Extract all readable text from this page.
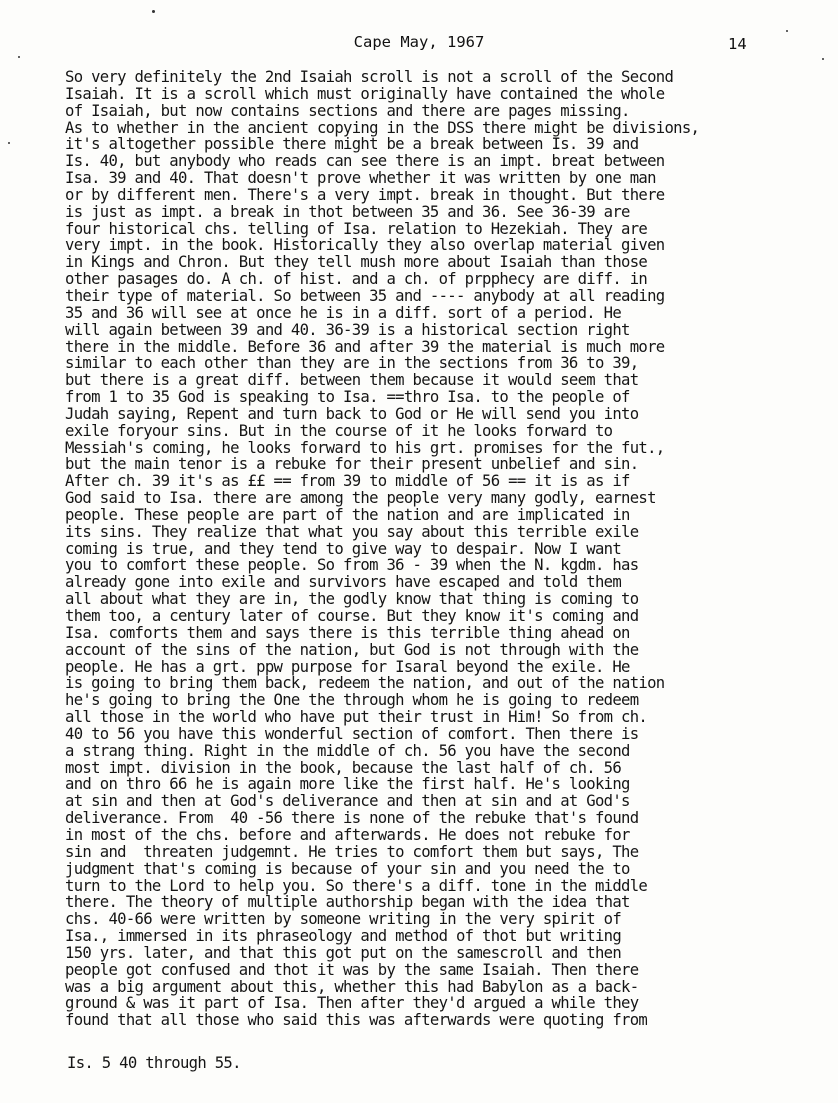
Cape May, 1967	14
So very definitely the 2nd Isaiah scroll is not a scroll of the Second
Isaiah. It is a scroll which must originally have contained the whole
of Isaiah, but now contains sections and there are pages missing.
As to whether in the ancient copying in the DSS there might be divisions,
it's altogether possible there might be a break between Is. 39 and
Is. 40, but anybody who reads can see there is an impt. breat between
Isa. 39 and 40. That doesn't prove whether it was written by one man
or by different men. There's a very impt. break in thought. But there
is just as impt. a break in thot between 35 and 36. See 36-39 are
four historical chs. telling of Isa. relation to Hezekiah. They are
very impt. in the book. Historically they also overlap material given
in Kings and Chron. But they tell mush more about Isaiah than those
other pasages do. A ch. of hist. and a ch. of prpphecy are diff. in
their type of material. So between 35 and ---- anybody at all reading
35 and 36 will see at once he is in a diff. sort of a period. He
will again between 39 and 40. 36-39 is a historical section right
there in the middle. Before 36 and after 39 the material is much more
similar to each other than they are in the sections from 36 to 39,
but there is a great diff. between them because it would seem that
from 1 to 35 God is speaking to Isa. ==thro Isa. to the people of
Judah saying, Repent and turn back to God or He will send you into
exile foryour sins. But in the course of it he looks forward to
Messiah's coming, he looks forward to his grt. promises for the fut.,
but the main tenor is a rebuke for their present unbelief and sin.
After ch. 39 it's as ££ == from 39 to middle of 56 == it is as if
God said to Isa. there are among the people very many godly, earnest
people. These people are part of the nation and are implicated in
its sins. They realize that what you say about this terrible exile
coming is true, and they tend to give way to despair. Now I want
you to comfort these people. So from 36 - 39 when the N. kgdm. has
already gone into exile and survivors have escaped and told them
all about what they are in, the godly know that thing is coming to
them too, a century later of course. But they know it's coming and
Isa. comforts them and says there is this terrible thing ahead on
account of the sins of the nation, but God is not through with the
people. He has a grt. ppw purpose for Isaral beyond the exile. He
is going to bring them back, redeem the nation, and out of the nation
he's going to bring the One the through whom he is going to redeem
all those in the world who have put their trust in Him! So from ch.
40 to 56 you have this wonderful section of comfort. Then there is
a strang thing. Right in the middle of ch. 56 you have the second
most impt. division in the book, because the last half of ch. 56
and on thro 66 he is again more like the first half. He's looking
at sin and then at God's deliverance and then at sin and at God's
deliverance. From  40 -56 there is none of the rebuke that's found
in most of the chs. before and afterwards. He does not rebuke for
sin and  threaten judgemnt. He tries to comfort them but says, The
judgment that's coming is because of your sin and you need the to
turn to the Lord to help you. So there's a diff. tone in the middle
there. The theory of multiple authorship began with the idea that
chs. 40-66 were written by someone writing in the very spirit of
Isa., immersed in its phraseology and method of thot but writing
150 yrs. later, and that this got put on the samescroll and then
people got confused and thot it was by the same Isaiah. Then there
was a big argument about this, whether this had Babylon as a back-
ground & was it part of Isa. Then after they'd argued a while they
found that all those who said this was afterwards were quoting from
Is. 5 40 through 55.
